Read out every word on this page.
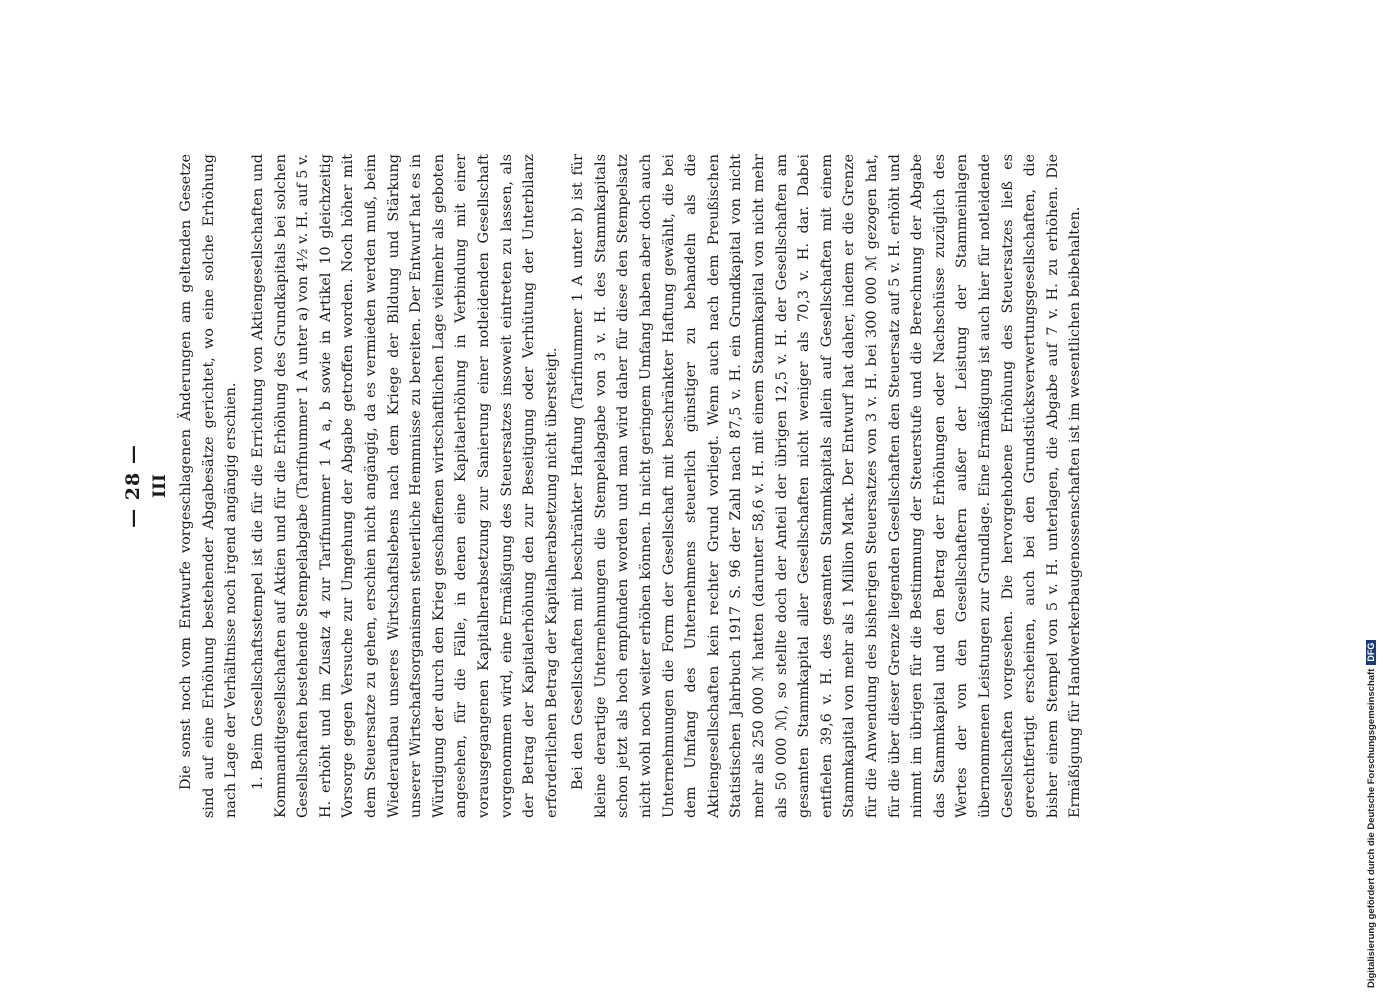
— 28 — III Die sonst noch vom Entwurfe vorgeschlagenen Änderungen am geltenden Gesetze sind auf eine Erhöhung bestehender Abgabesätze gerichtet, wo eine solche Erhöhung nach Lage der Verhältnisse noch irgend angängig erschien. 1. Beim Gesellschaftsstempel ist die für die Errichtung von Aktiengesellschaften und Kommanditgesellschaften auf Aktien und für die Erhöhung des Grundkapitals bei solchen Gesellschaften bestehende Stempelabgabe (Tarifnummer 1 A unter a) von 4½ v. H. auf 5 v. H. erhöht und im Zusatz 4 zur Tarifnummer 1 A a, b sowie in Artikel 10 gleichzeitig Vorsorge gegen Versuche zur Umgehung der Abgabe getroffen worden. Noch höher mit dem Steuersatze zu gehen, erschien nicht angängig, da es vermieden werden muß, beim Wiederaufbau unseres Wirtschaftslebens nach dem Kriege der Bildung und Stärkung unserer Wirtschaftsorganismen steuerliche Hemmnisse zu bereiten. Der Entwurf hat es in Würdigung der durch den Krieg geschaffenen wirtschaftlichen Lage vielmehr als geboten angesehen, für die Fälle, in denen eine Kapitalerhöhung in Verbindung mit einer vorausgegangenen Kapitalherabsetzung zur Sanierung einer notleidenden Gesellschaft vorgenommen wird, eine Ermäßigung des Steuersatzes insoweit eintreten zu lassen, als der Betrag der Kapitalerhöhung den zur Beseitigung oder Verhütung der Unterbilanz erforderlichen Betrag der Kapitalherabsetzung nicht übersteigt. Bei den Gesellschaften mit beschränkter Haftung (Tarifnummer 1 A unter b) ist für kleine derartige Unternehmungen die Stempelabgabe von 3 v. H. des Stammkapitals schon jetzt als hoch empfunden worden und man wird daher für diese den Stempelsatz nicht wohl noch weiter erhöhen können. In nicht geringem Umfang haben aber doch auch Unternehmungen die Form der Gesellschaft mit beschränkter Haftung gewählt, die bei dem Umfang des Unternehmens steuerlich günstiger zu behandeln als die Aktiengesellschaften kein rechter Grund vorliegt. Wenn auch nach dem Preußischen Statistischen Jahrbuch 1917 S. 96 der Zahl nach 87,5 v. H. ein Grundkapital von nicht mehr als 250 000 ℳ hatten (darunter 58,6 v. H. mit einem Stammkapital von nicht mehr als 50 000 ℳ), so stellte doch der Anteil der übrigen 12,5 v. H. der Gesellschaften am gesamten Stammkapital aller Gesellschaften nicht weniger als 70,3 v. H. dar. Dabei entfielen 39,6 v. H. des gesamten Stammkapitals allein auf Gesellschaften mit einem Stammkapital von mehr als 1 Million Mark. Der Entwurf hat daher, indem er die Grenze für die Anwendung des bisherigen Steuersatzes von 3 v. H. bei 300 000 ℳ gezogen hat, für die über dieser Grenze liegenden Gesellschaften den Steuersatz auf 5 v. H. erhöht und nimmt im übrigen für die Bestimmung der Steuerstufe und die Berechnung der Abgabe das Stammkapital und den Betrag der Erhöhungen oder Nachschüsse zuzüglich des Wertes der von den Gesellschaftern außer der Leistung der Stammeinlagen übernommenen Leistungen zur Grundlage. Eine Ermäßigung ist auch hier für notleidende Gesellschaften vorgesehen. Die hervorgehobene Erhöhung des Steuersatzes ließ es gerechtfertigt erscheinen, auch bei den Grundstücksverwertungsgesellschaften, die bisher einem Stempel von 5 v. H. unterlagen, die Abgabe auf 7 v. H. zu erhöhen. Die Ermäßigung für Handwerkerbaugenossenschaften ist im wesentlichen beibehalten.

Digitalisierung gefördert durch die Deutsche ForschungsgemeinschaftDFG
